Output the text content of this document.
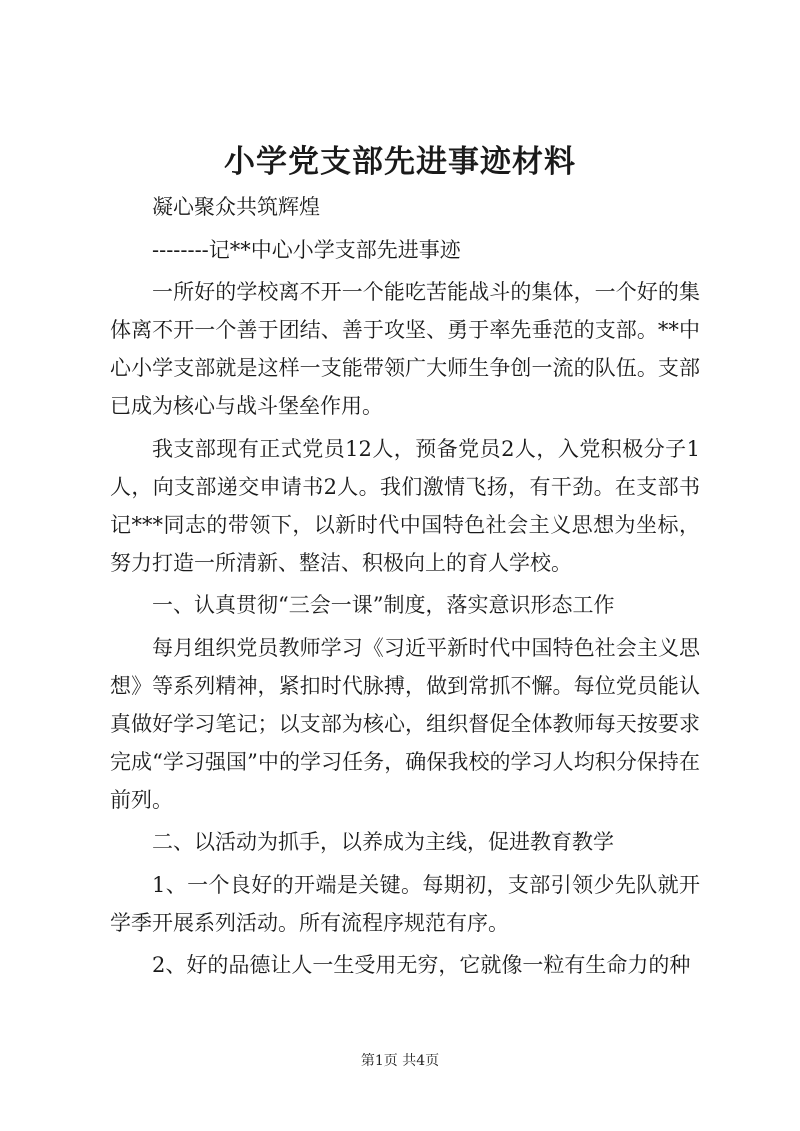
小学党支部先进事迹材料

凝心聚众共筑辉煌

--------记**中心小学支部先进事迹

一所好的学校离不开一个能吃苦能战斗的集体，一个好的集体离不开一个善于团结、善于攻坚、勇于率先垂范的支部。**中心小学支部就是这样一支能带领广大师生争创一流的队伍。支部已成为核心与战斗堡垒作用。

我支部现有正式党员12人，预备党员2人，入党积极分子1人，向支部递交申请书2人。我们激情飞扬，有干劲。在支部书记***同志的带领下，以新时代中国特色社会主义思想为坐标，努力打造一所清新、整洁、积极向上的育人学校。

一、认真贯彻“三会一课”制度，落实意识形态工作

每月组织党员教师学习《习近平新时代中国特色社会主义思想》等系列精神，紧扣时代脉搏，做到常抓不懈。每位党员能认真做好学习笔记；以支部为核心，组织督促全体教师每天按要求完成“学习强国”中的学习任务，确保我校的学习人均积分保持在前列。

二、以活动为抓手，以养成为主线，促进教育教学

1、一个良好的开端是关键。每期初，支部引领少先队就开学季开展系列活动。所有流程序规范有序。

2、好的品德让人一生受用无穷，它就像一粒有生命力的种

第1页 共4页
